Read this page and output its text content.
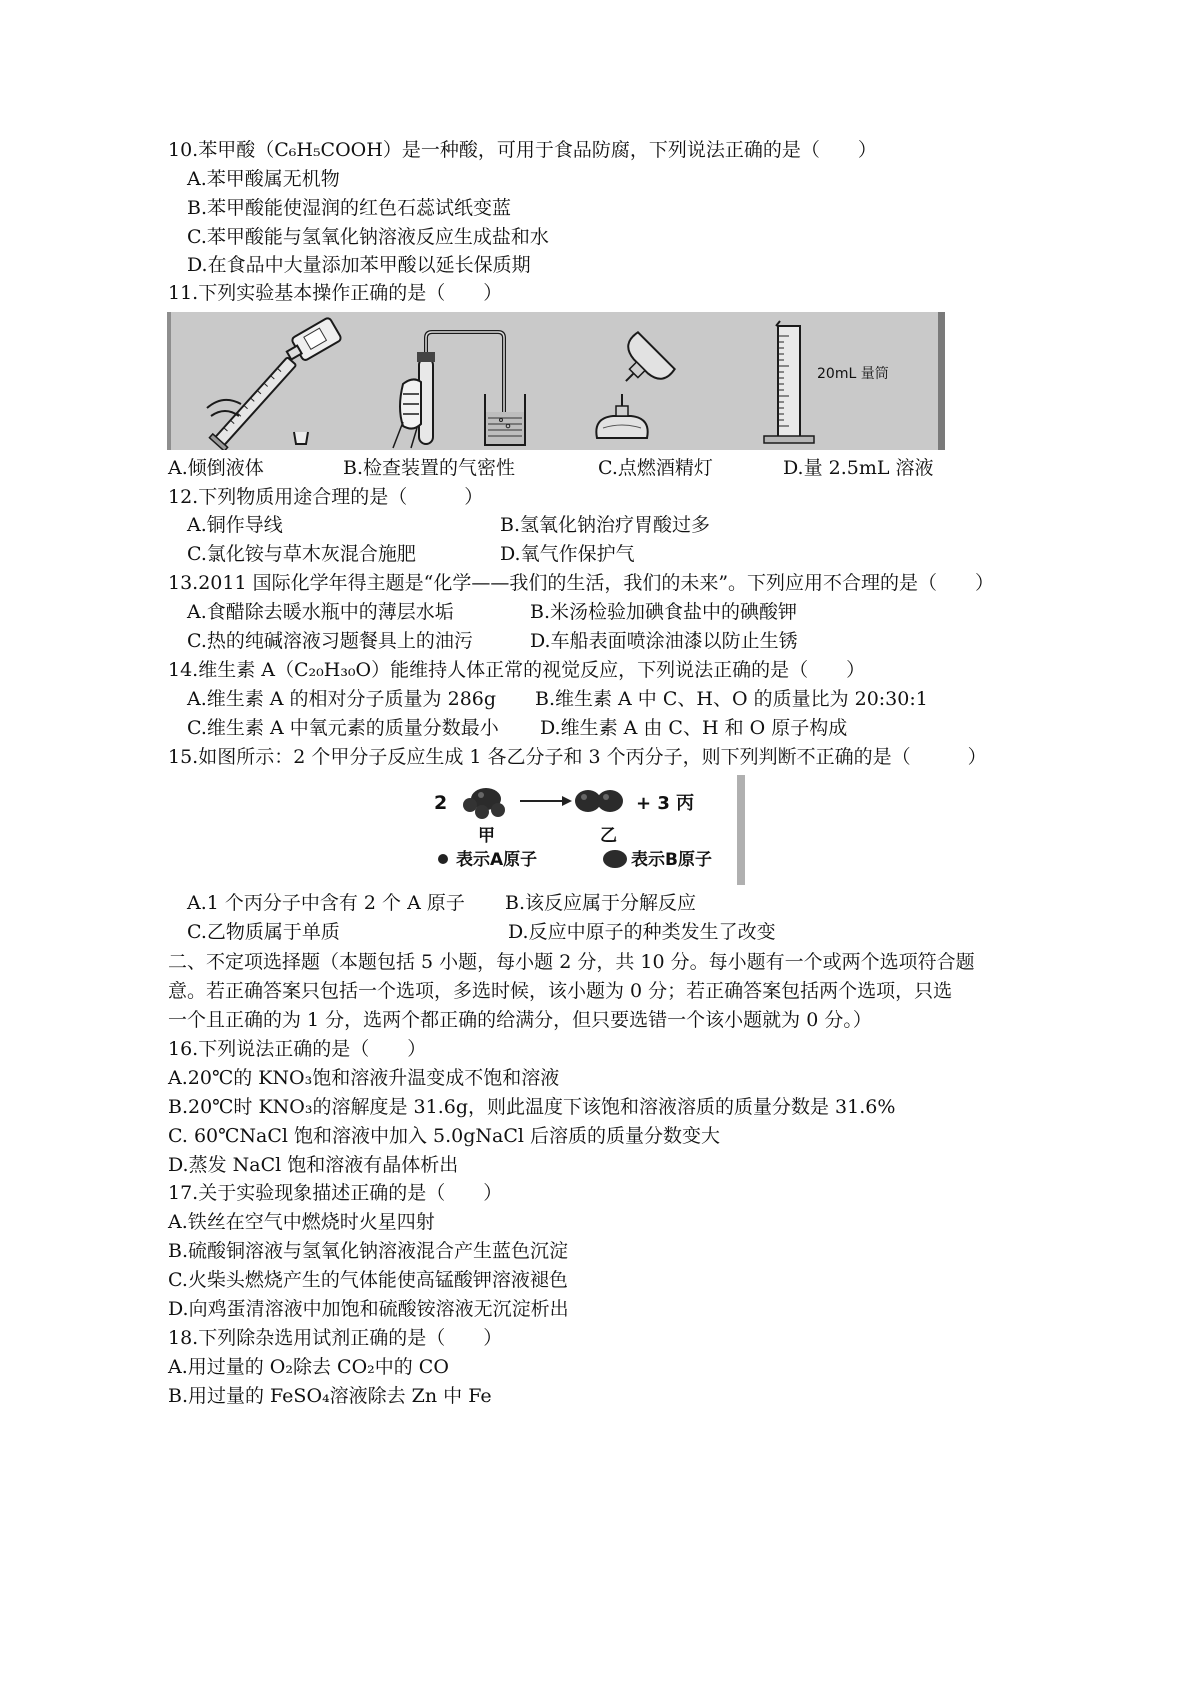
10.苯甲酸（C₆H₅COOH）是一种酸，可用于食品防腐，下列说法正确的是（　　）
A.苯甲酸属无机物
B.苯甲酸能使湿润的红色石蕊试纸变蓝
C.苯甲酸能与氢氧化钠溶液反应生成盐和水
D.在食品中大量添加苯甲酸以延长保质期
11.下列实验基本操作正确的是（　　）
20mL 量筒
A.倾倒液体	B.检查装置的气密性	C.点燃酒精灯	D.量 2.5mL 溶液
12.下列物质用途合理的是（　　　）
A.铜作导线	B.氢氧化钠治疗胃酸过多
C.氯化铵与草木灰混合施肥	D.氧气作保护气
13.2011 国际化学年得主题是“化学——我们的生活，我们的未来”。下列应用不合理的是（　　）
A.食醋除去暖水瓶中的薄层水垢	B.米汤检验加碘食盐中的碘酸钾
C.热的纯碱溶液习题餐具上的油污	D.车船表面喷涂油漆以防止生锈
14.维生素 A（C₂₀H₃₀O）能维持人体正常的视觉反应，下列说法正确的是（　　）
A.维生素 A 的相对分子质量为 286g B.维生素 A 中 C、H、O 的质量比为 20:30:1
C.维生素 A 中氧元素的质量分数最小 D.维生素 A 由 C、H 和 O 原子构成
15.如图所示：2 个甲分子反应生成 1 各乙分子和 3 个丙分子，则下列判断不正确的是（　　　）
2	+ 3 丙
甲	乙
表示A原子	表示B原子
A.1 个丙分子中含有 2 个 A 原子 B.该反应属于分解反应
C.乙物质属于单质	D.反应中原子的种类发生了改变
二、不定项选择题（本题包括 5 小题，每小题 2 分，共 10 分。每小题有一个或两个选项符合题
意。若正确答案只包括一个选项，多选时候，该小题为 0 分；若正确答案包括两个选项，只选
一个且正确的为 1 分，选两个都正确的给满分，但只要选错一个该小题就为 0 分。）
16.下列说法正确的是（　　）
A.20℃的 KNO₃饱和溶液升温变成不饱和溶液
B.20℃时 KNO₃的溶解度是 31.6g，则此温度下该饱和溶液溶质的质量分数是 31.6%
C. 60℃NaCl 饱和溶液中加入 5.0gNaCl 后溶质的质量分数变大
D.蒸发 NaCl 饱和溶液有晶体析出
17.关于实验现象描述正确的是（　　）
A.铁丝在空气中燃烧时火星四射
B.硫酸铜溶液与氢氧化钠溶液混合产生蓝色沉淀
C.火柴头燃烧产生的气体能使高锰酸钾溶液褪色
D.向鸡蛋清溶液中加饱和硫酸铵溶液无沉淀析出
18.下列除杂选用试剂正确的是（　　）
A.用过量的 O₂除去 CO₂中的 CO
B.用过量的 FeSO₄溶液除去 Zn 中 Fe
